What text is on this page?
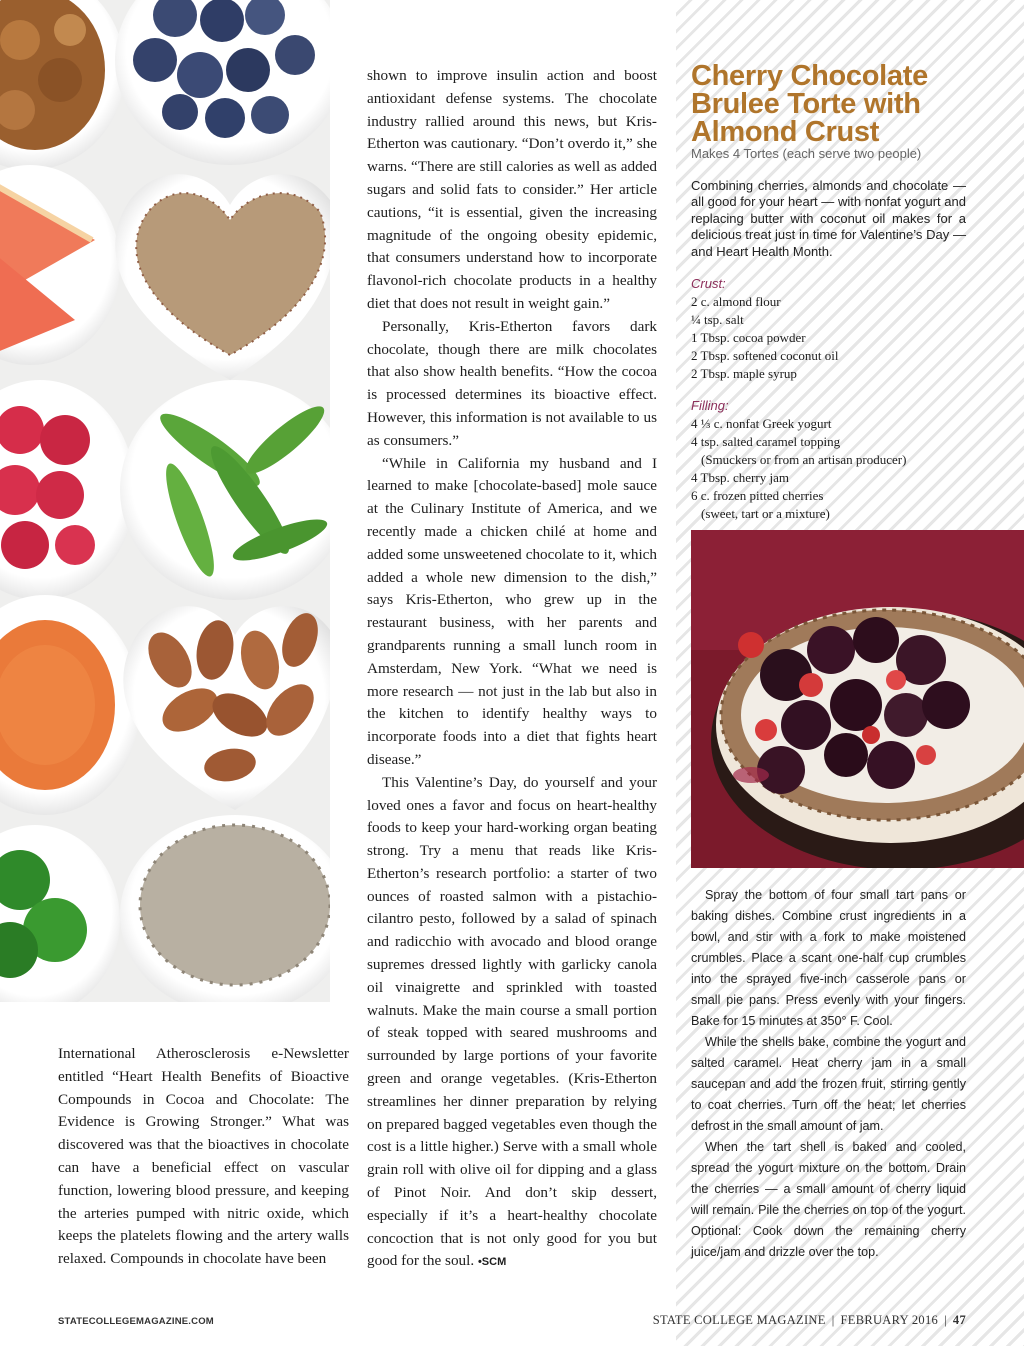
International Atherosclerosis e-Newsletter entitled “Heart Health Benefits of Bioactive Compounds in Cocoa and Chocolate: The Evidence is Growing Stronger.” What was discovered was that the bioactives in chocolate can have a beneficial effect on vascular function, lowering blood pressure, and keeping the arteries pumped with nitric oxide, which keeps the platelets flowing and the artery walls relaxed. Compounds in chocolate have been

shown to improve insulin action and boost antioxidant defense systems. The chocolate industry rallied around this news, but Kris-Etherton was cautionary. “Don’t overdo it,” she warns. “There are still calories as well as added sugars and solid fats to consider.” Her article cautions, “it is essential, given the increasing magnitude of the ongoing obesity epidemic, that consumers understand how to incorporate flavonol-rich chocolate products in a healthy diet that does not result in weight gain.”

Personally, Kris-Etherton favors dark chocolate, though there are milk chocolates that also show health benefits. “How the cocoa is processed determines its bioactive effect. However, this information is not available to us as consumers.”

“While in California my husband and I learned to make [chocolate-based] mole sauce at the Culinary Institute of America, and we recently made a chicken chilé at home and added some unsweetened chocolate to it, which added a whole new dimension to the dish,” says Kris-Etherton, who grew up in the restaurant business, with her parents and grandparents running a small lunch room in Amsterdam, New York. “What we need is more research — not just in the lab but also in the kitchen to identify healthy ways to incorporate foods into a diet that fights heart disease.”

This Valentine’s Day, do yourself and your loved ones a favor and focus on heart-healthy foods to keep your hard-working organ beating strong. Try a menu that reads like Kris-Etherton’s research portfolio: a starter of two ounces of roasted salmon with a pistachio-cilantro pesto, followed by a salad of spinach and radicchio with avocado and blood orange supremes dressed lightly with garlicky canola oil vinaigrette and sprinkled with toasted walnuts. Make the main course a small portion of steak topped with seared mushrooms and surrounded by large portions of your favorite green and orange vegetables. (Kris-Etherton streamlines her dinner preparation by relying on prepared bagged vegetables even though the cost is a little higher.) Serve with a small whole grain roll with olive oil for dipping and a glass of Pinot Noir. And don’t skip dessert, especially if it’s a heart-healthy chocolate concoction that is not only good for you but good for the soul. •SCM

Cherry Chocolate Brulee Torte with Almond Crust
Makes 4 Tortes (each serve two people)

Combining cherries, almonds and chocolate — all good for your heart — with nonfat yogurt and replacing butter with coconut oil makes for a delicious treat just in time for Valentine’s Day — and Heart Health Month.

Crust:
2 c. almond flour
¼ tsp. salt
1 Tbsp. cocoa powder
2 Tbsp. softened coconut oil
2 Tbsp. maple syrup
Filling:
4 ⅓ c. nonfat Greek yogurt
4 tsp. salted caramel topping
(Smuckers or from an artisan producer)
4 Tbsp. cherry jam
6 c. frozen pitted cherries
(sweet, tart or a mixture)

Spray the bottom of four small tart pans or baking dishes. Combine crust ingredients in a bowl, and stir with a fork to make moistened crumbles. Place a scant one-half cup crumbles into the sprayed five-inch casserole pans or small pie pans. Press evenly with your fingers. Bake for 15 minutes at 350° F. Cool.

While the shells bake, combine the yogurt and salted caramel. Heat cherry jam in a small saucepan and add the frozen fruit, stirring gently to coat cherries. Turn off the heat; let cherries defrost in the small amount of jam.

When the tart shell is baked and cooled, spread the yogurt mixture on the bottom. Drain the cherries — a small amount of cherry liquid will remain. Pile the cherries on top of the yogurt. Optional: Cook down the remaining cherry juice/jam and drizzle over the top.

STATECOLLEGEMAGAZINE.COM	STATE COLLEGE MAGAZINE | FEBRUARY 2016 | 47
